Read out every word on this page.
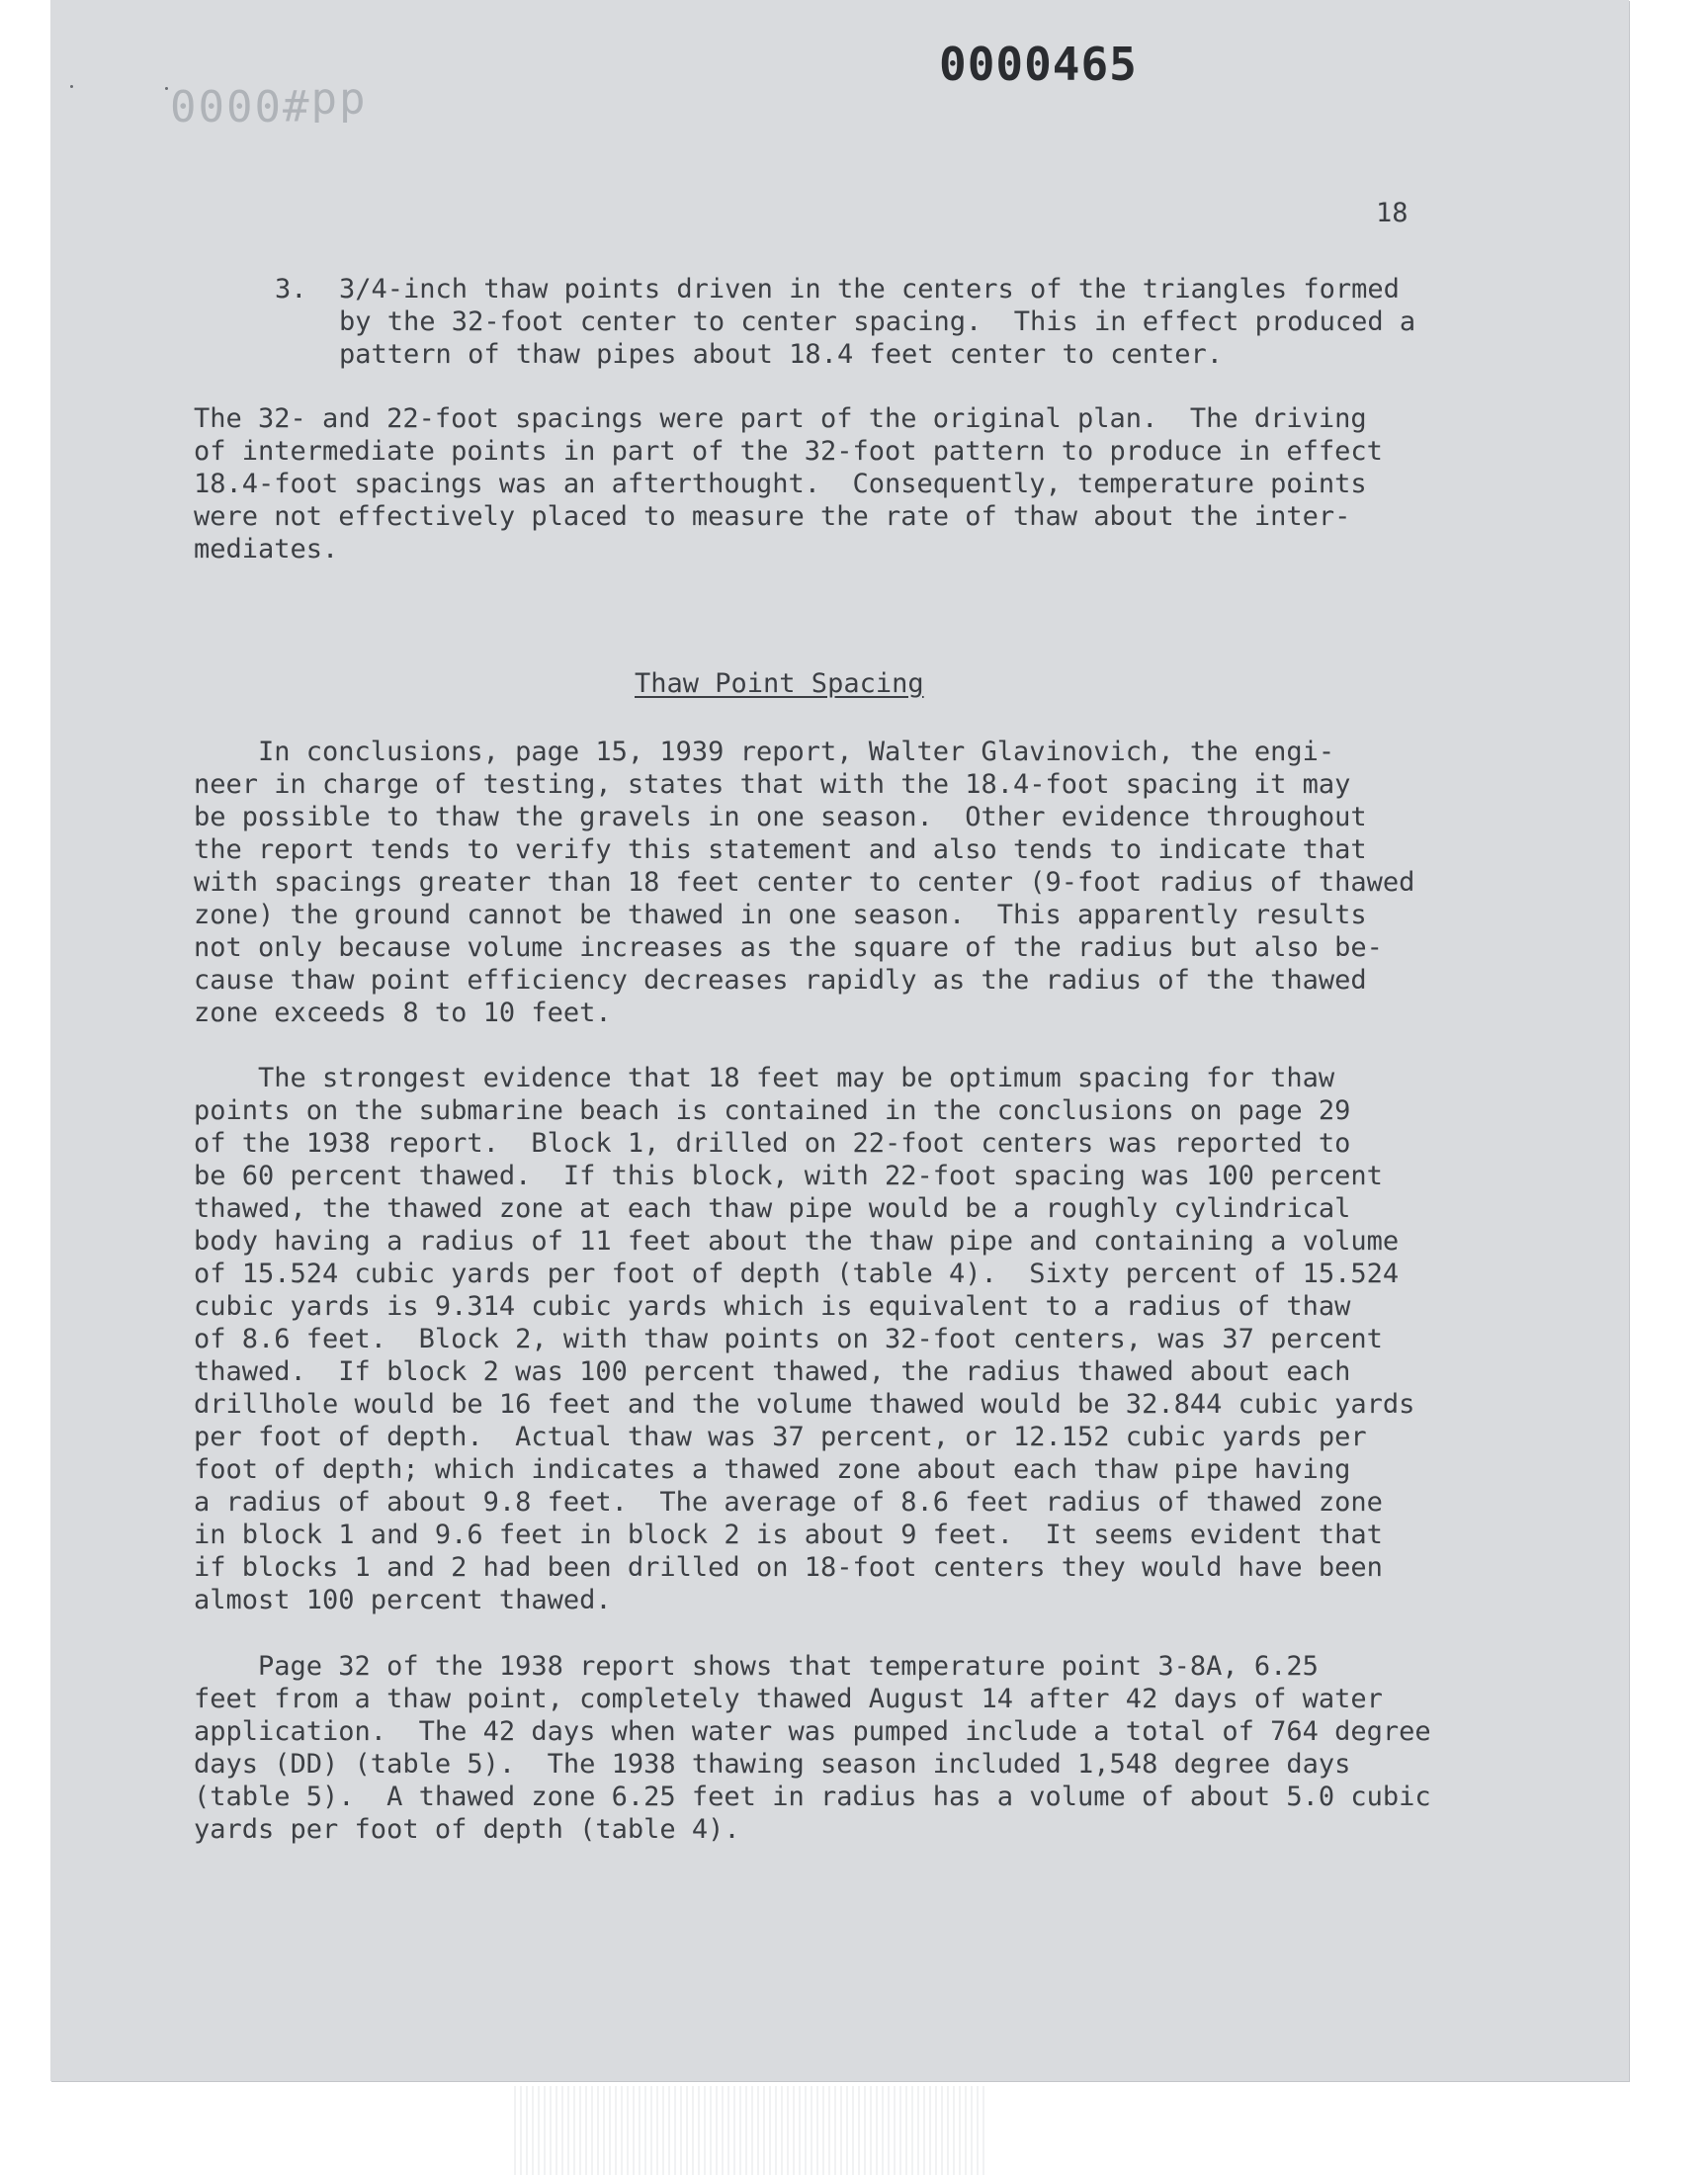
dd#0000
0000465
18

3.  3/4-inch thaw points driven in the centers of the triangles formed
by the 32-foot center to center spacing.  This in effect produced a
pattern of thaw pipes about 18.4 feet center to center.

The 32- and 22-foot spacings were part of the original plan.  The driving
of intermediate points in part of the 32-foot pattern to produce in effect
18.4-foot spacings was an afterthought.  Consequently, temperature points
were not effectively placed to measure the rate of thaw about the inter-
mediates.

Thaw Point Spacing

In conclusions, page 15, 1939 report, Walter Glavinovich, the engi-
neer in charge of testing, states that with the 18.4-foot spacing it may
be possible to thaw the gravels in one season.  Other evidence throughout
the report tends to verify this statement and also tends to indicate that
with spacings greater than 18 feet center to center (9-foot radius of thawed
zone) the ground cannot be thawed in one season.  This apparently results
not only because volume increases as the square of the radius but also be-
cause thaw point efficiency decreases rapidly as the radius of the thawed
zone exceeds 8 to 10 feet.

The strongest evidence that 18 feet may be optimum spacing for thaw
points on the submarine beach is contained in the conclusions on page 29
of the 1938 report.  Block 1, drilled on 22-foot centers was reported to
be 60 percent thawed.  If this block, with 22-foot spacing was 100 percent
thawed, the thawed zone at each thaw pipe would be a roughly cylindrical
body having a radius of 11 feet about the thaw pipe and containing a volume
of 15.524 cubic yards per foot of depth (table 4).  Sixty percent of 15.524
cubic yards is 9.314 cubic yards which is equivalent to a radius of thaw
of 8.6 feet.  Block 2, with thaw points on 32-foot centers, was 37 percent
thawed.  If block 2 was 100 percent thawed, the radius thawed about each
drillhole would be 16 feet and the volume thawed would be 32.844 cubic yards
per foot of depth.  Actual thaw was 37 percent, or 12.152 cubic yards per
foot of depth; which indicates a thawed zone about each thaw pipe having
a radius of about 9.8 feet.  The average of 8.6 feet radius of thawed zone
in block 1 and 9.6 feet in block 2 is about 9 feet.  It seems evident that
if blocks 1 and 2 had been drilled on 18-foot centers they would have been
almost 100 percent thawed.

Page 32 of the 1938 report shows that temperature point 3-8A, 6.25
feet from a thaw point, completely thawed August 14 after 42 days of water
application.  The 42 days when water was pumped include a total of 764 degree
days (DD) (table 5).  The 1938 thawing season included 1,548 degree days
(table 5).  A thawed zone 6.25 feet in radius has a volume of about 5.0 cubic
yards per foot of depth (table 4).
